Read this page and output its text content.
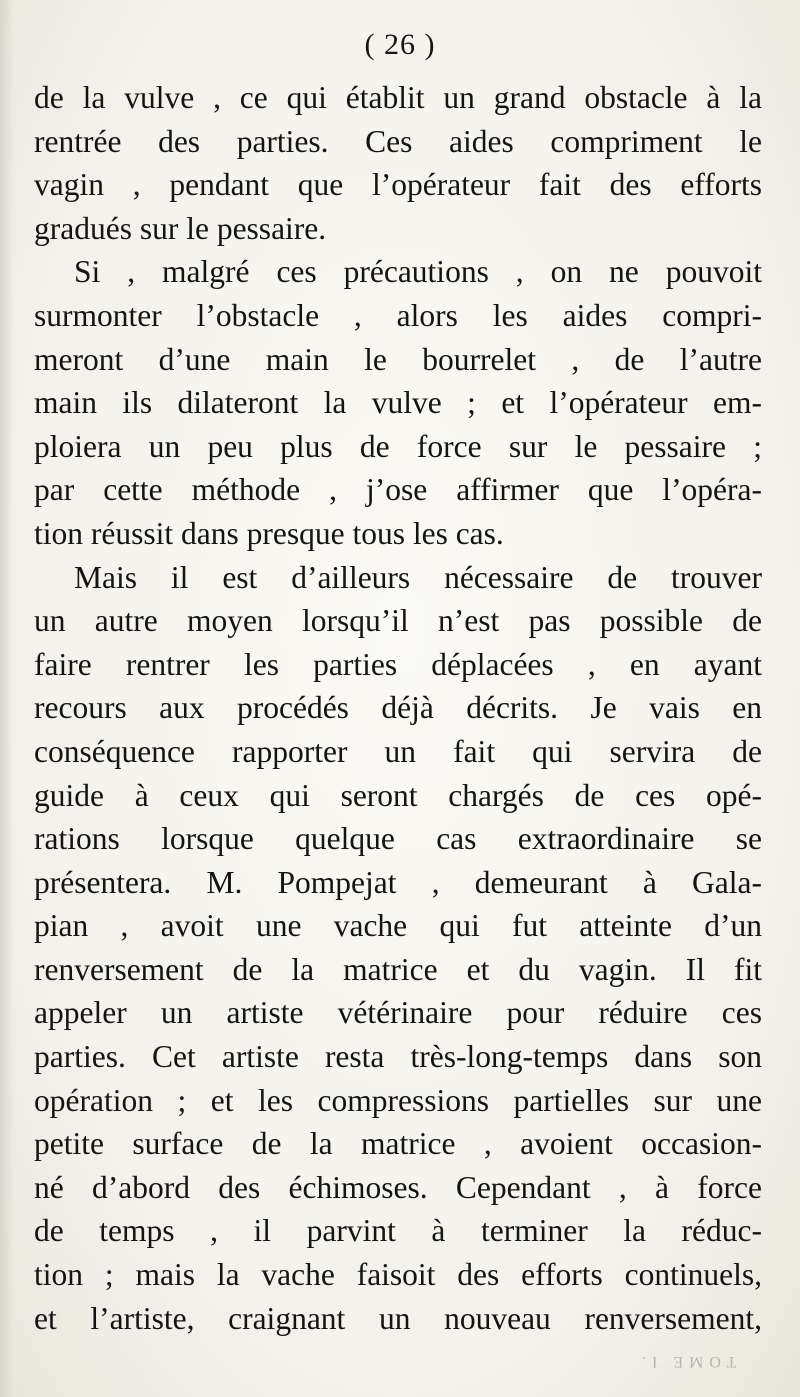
( 26 )
de la vulve , ce qui établit un grand obstacle à la
rentrée des parties. Ces aides compriment le
vagin , pendant que l’opérateur fait des efforts
gradués sur le pessaire.
Si , malgré ces précautions , on ne pouvoit
surmonter l’obstacle , alors les aides compri-
meront d’une main le bourrelet , de l’autre
main ils dilateront la vulve ; et l’opérateur em-
ploiera un peu plus de force sur le pessaire ;
par cette méthode , j’ose affirmer que l’opéra-
tion réussit dans presque tous les cas.
Mais il est d’ailleurs nécessaire de trouver
un autre moyen lorsqu’il n’est pas possible de
faire rentrer les parties déplacées , en ayant
recours aux procédés déjà décrits. Je vais en
conséquence rapporter un fait qui servira de
guide à ceux qui seront chargés de ces opé-
rations lorsque quelque cas extraordinaire se
présentera. M. Pompejat , demeurant à Gala-
pian , avoit une vache qui fut atteinte d’un
renversement de la matrice et du vagin. Il fit
appeler un artiste vétérinaire pour réduire ces
parties. Cet artiste resta très-long-temps dans son
opération ; et les compressions partielles sur une
petite surface de la matrice , avoient occasion-
né d’abord des échimoses. Cependant , à force
de temps , il parvint à terminer la réduc-
tion ; mais la vache faisoit des efforts continuels,
et l’artiste, craignant un nouveau renversement,
TOME I.
